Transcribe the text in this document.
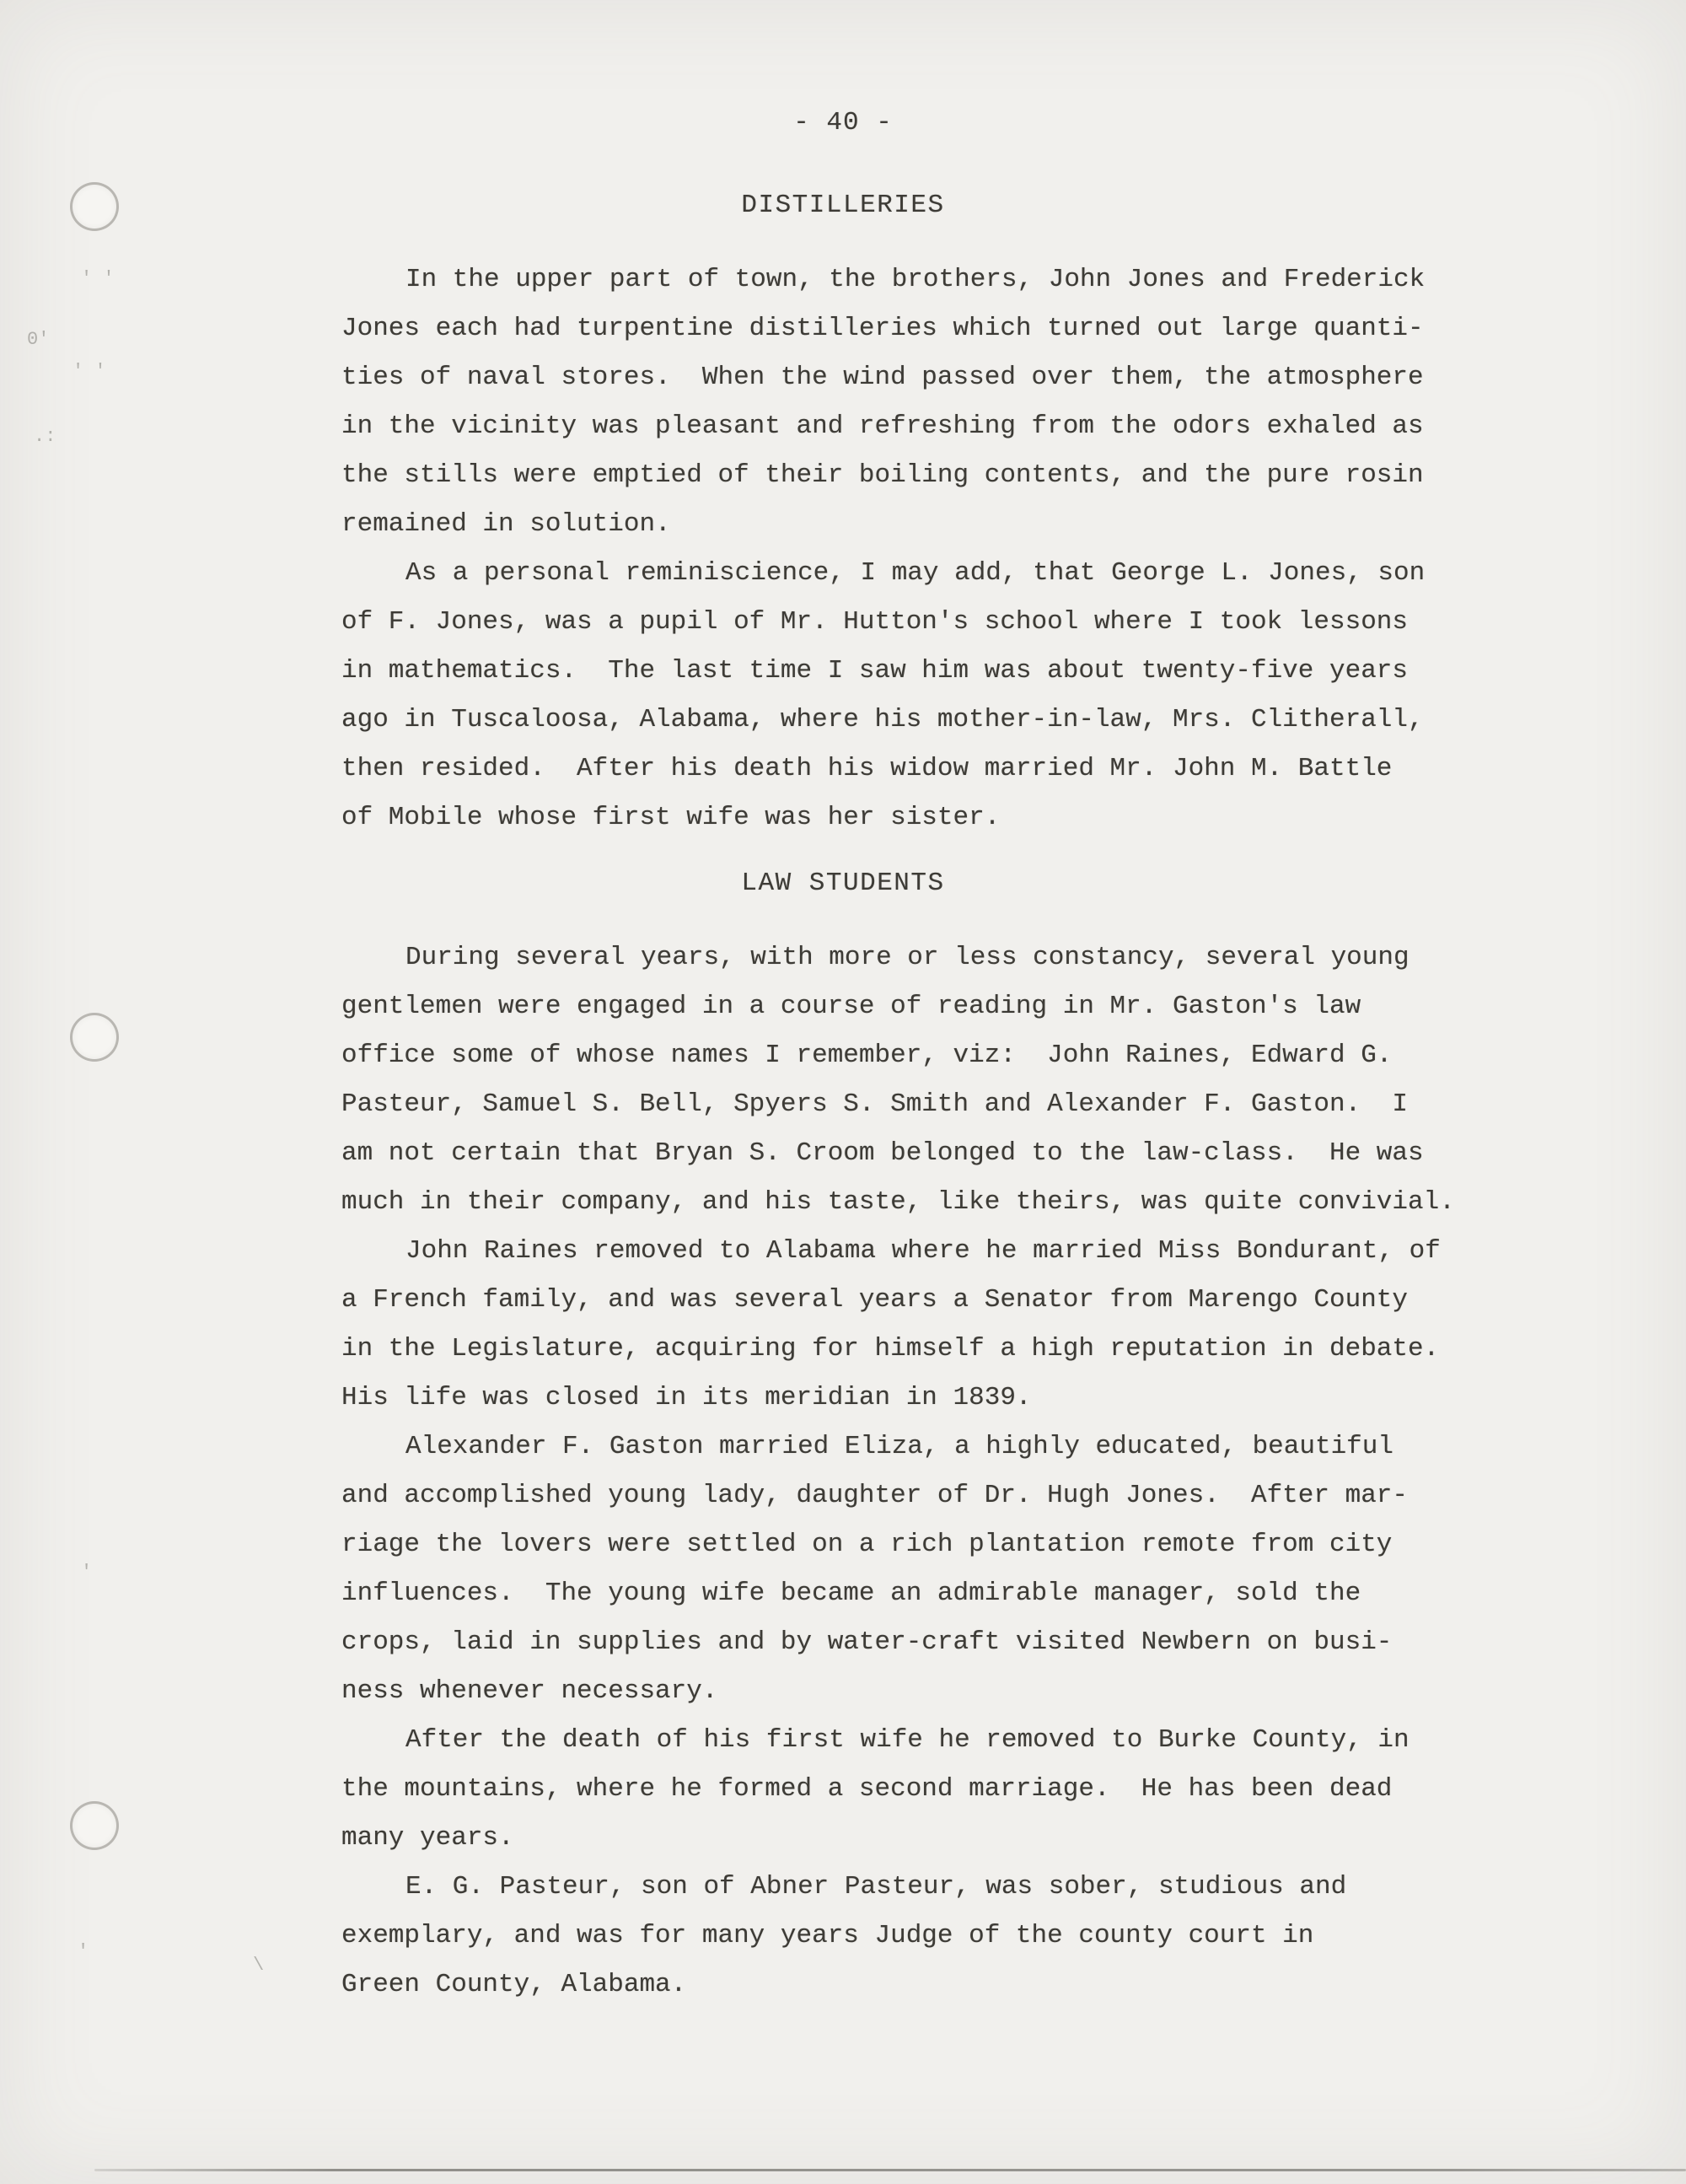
- 40 -
DISTILLERIES
In the upper part of town, the brothers, John Jones and Frederick
Jones each had turpentine distilleries which turned out large quanti-
ties of naval stores.  When the wind passed over them, the atmosphere
in the vicinity was pleasant and refreshing from the odors exhaled as
the stills were emptied of their boiling contents, and the pure rosin
remained in solution.
As a personal reminiscience, I may add, that George L. Jones, son
of F. Jones, was a pupil of Mr. Hutton's school where I took lessons
in mathematics.  The last time I saw him was about twenty-five years
ago in Tuscaloosa, Alabama, where his mother-in-law, Mrs. Clitherall,
then resided.  After his death his widow married Mr. John M. Battle
of Mobile whose first wife was her sister.
LAW STUDENTS
During several years, with more or less constancy, several young
gentlemen were engaged in a course of reading in Mr. Gaston's law
office some of whose names I remember, viz:  John Raines, Edward G.
Pasteur, Samuel S. Bell, Spyers S. Smith and Alexander F. Gaston.  I
am not certain that Bryan S. Croom belonged to the law-class.  He was
much in their company, and his taste, like theirs, was quite convivial.
John Raines removed to Alabama where he married Miss Bondurant, of
a French family, and was several years a Senator from Marengo County
in the Legislature, acquiring for himself a high reputation in debate.
His life was closed in its meridian in 1839.
Alexander F. Gaston married Eliza, a highly educated, beautiful
and accomplished young lady, daughter of Dr. Hugh Jones.  After mar-
riage the lovers were settled on a rich plantation remote from city
influences.  The young wife became an admirable manager, sold the
crops, laid in supplies and by water-craft visited Newbern on busi-
ness whenever necessary.
After the death of his first wife he removed to Burke County, in
the mountains, where he formed a second marriage.  He has been dead
many years.
E. G. Pasteur, son of Abner Pasteur, was sober, studious and
exemplary, and was for many years Judge of the county court in
Green County, Alabama.
' '
0'
' '
.:
'
'
\
